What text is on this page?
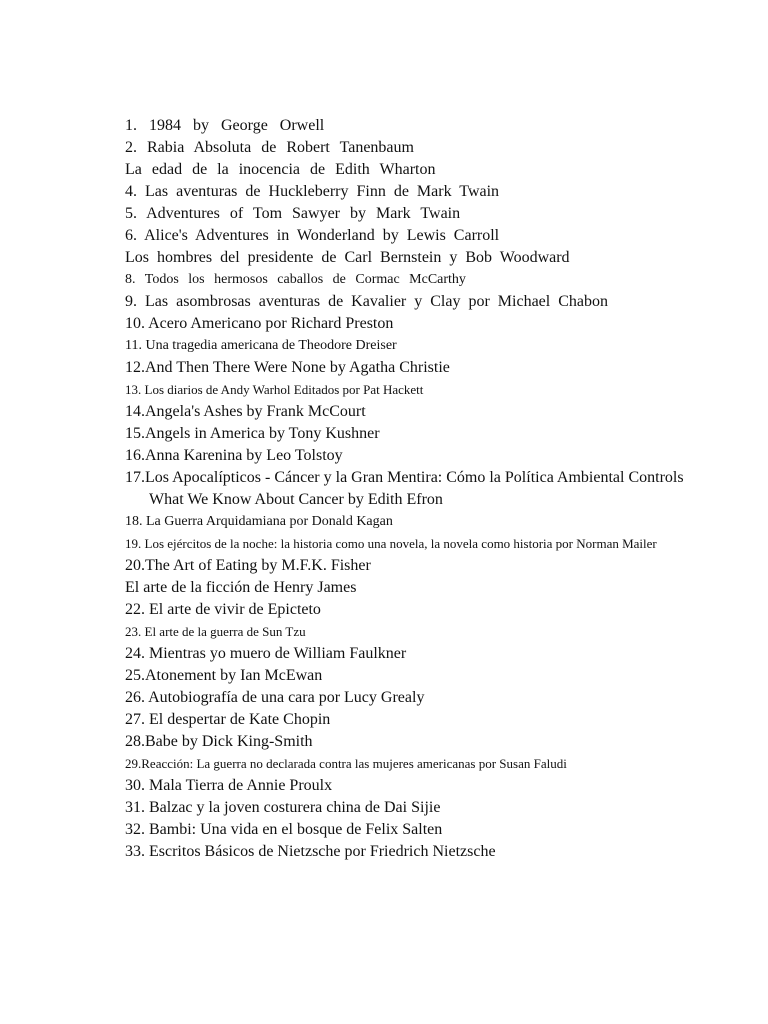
1. 1984 by George Orwell
2. Rabia Absoluta de Robert Tanenbaum
La edad de la inocencia de Edith Wharton
4. Las aventuras de Huckleberry Finn de Mark Twain
5. Adventures of Tom Sawyer by Mark Twain
6. Alice's Adventures in Wonderland by Lewis Carroll
Los hombres del presidente de Carl Bernstein y Bob Woodward
8. Todos los hermosos caballos de Cormac McCarthy
9. Las asombrosas aventuras de Kavalier y Clay por Michael Chabon
10. Acero Americano por Richard Preston
11. Una tragedia americana de Theodore Dreiser
12.And Then There Were None by Agatha Christie
13. Los diarios de Andy Warhol Editados por Pat Hackett
14.Angela's Ashes by Frank McCourt
15.Angels in America by Tony Kushner
16.Anna Karenina by Leo Tolstoy
17.Los Apocalípticos - Cáncer y la Gran Mentira: Cómo la Política Ambiental Controls What We Know About Cancer by Edith Efron
18. La Guerra Arquidamiana por Donald Kagan
19. Los ejércitos de la noche: la historia como una novela, la novela como historia por Norman Mailer
20.The Art of Eating by M.F.K. Fisher
El arte de la ficción de Henry James
22. El arte de vivir de Epicteto
23. El arte de la guerra de Sun Tzu
24. Mientras yo muero de William Faulkner
25.Atonement by Ian McEwan
26. Autobiografía de una cara por Lucy Grealy
27. El despertar de Kate Chopin
28.Babe by Dick King-Smith
29.Reacción: La guerra no declarada contra las mujeres americanas por Susan Faludi
30. Mala Tierra de Annie Proulx
31. Balzac y la joven costurera china de Dai Sijie
32. Bambi: Una vida en el bosque de Felix Salten
33. Escritos Básicos de Nietzsche por Friedrich Nietzsche
